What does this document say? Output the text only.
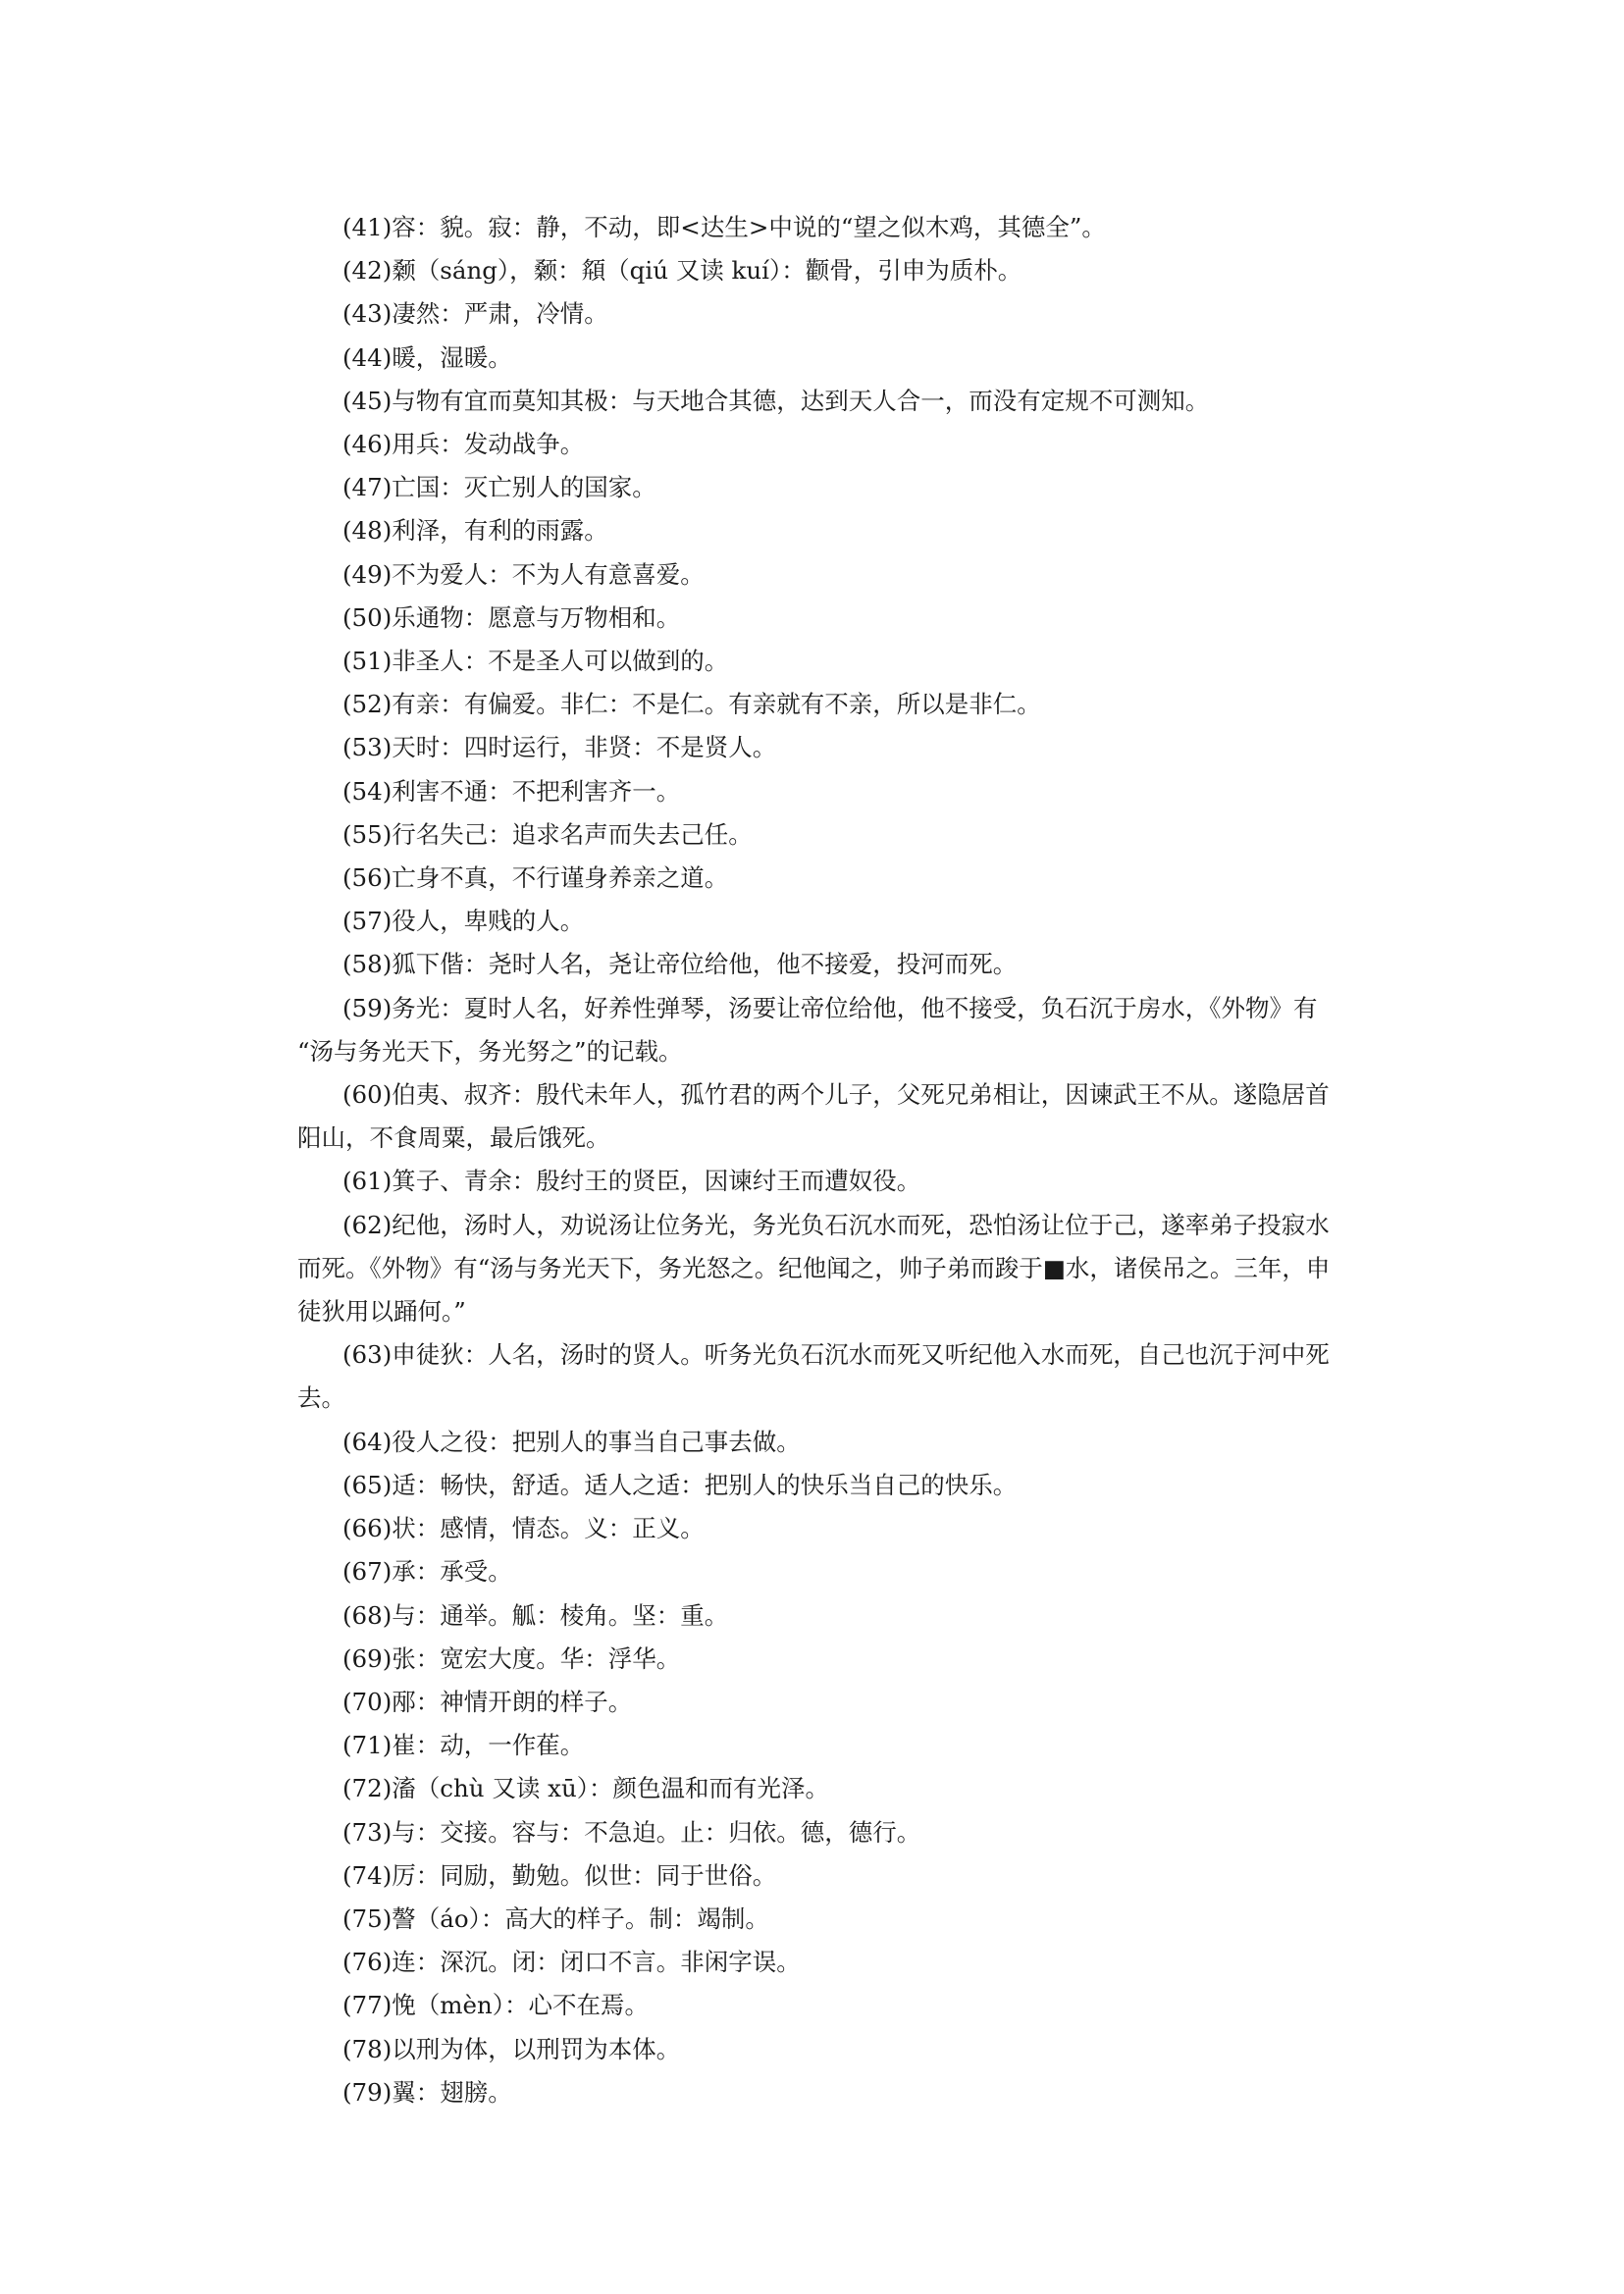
(41)容：貌。寂：静，不动，即<达生>中说的“望之似木鸡，其德全”。
(42)颡（sáng），颡：頯（qiú 又读 kuí）：颧骨，引申为质朴。
(43)凄然：严肃，冷情。
(44)暖，湿暖。
(45)与物有宜而莫知其极：与天地合其德，达到天人合一，而没有定规不可测知。
(46)用兵：发动战争。
(47)亡国：灭亡别人的国家。
(48)利泽，有利的雨露。
(49)不为爱人：不为人有意喜爱。
(50)乐通物：愿意与万物相和。
(51)非圣人：不是圣人可以做到的。
(52)有亲：有偏爱。非仁：不是仁。有亲就有不亲，所以是非仁。
(53)天时：四时运行，非贤：不是贤人。
(54)利害不通：不把利害齐一。
(55)行名失己：追求名声而失去己任。
(56)亡身不真，不行谨身养亲之道。
(57)役人，卑贱的人。
(58)狐下偕：尧时人名，尧让帝位给他，他不接爱，投河而死。
(59)务光：夏时人名，好养性弹琴，汤要让帝位给他，他不接受，负石沉于房水，《外物》有
“汤与务光天下，务光努之”的记载。
(60)伯夷、叔齐：殷代未年人，孤竹君的两个儿子，父死兄弟相让，因谏武王不从。遂隐居首
阳山，不食周粟，最后饿死。
(61)箕子、青余：殷纣王的贤臣，因谏纣王而遭奴役。
(62)纪他，汤时人，劝说汤让位务光，务光负石沉水而死，恐怕汤让位于己，遂率弟子投寂水
而死。《外物》有“汤与务光天下，务光怒之。纪他闻之，帅子弟而踆于■水，诸侯吊之。三年，申
徒狄用以踊何。”
(63)申徒狄：人名，汤时的贤人。听务光负石沉水而死又听纪他入水而死，自己也沉于河中死
去。
(64)役人之役：把别人的事当自己事去做。
(65)适：畅快，舒适。适人之适：把别人的快乐当自己的快乐。
(66)状：感情，情态。义：正义。
(67)承：承受。
(68)与：通举。觚：棱角。坚：重。
(69)张：宽宏大度。华：浮华。
(70)邴：神情开朗的样子。
(71)崔：动，一作萑。
(72)滀（chù 又读 xū）：颜色温和而有光泽。
(73)与：交接。容与：不急迫。止：归依。德，德行。
(74)厉：同励，勤勉。似世：同于世俗。
(75)謷（áo）：高大的样子。制：竭制。
(76)连：深沉。闭：闭口不言。非闲字误。
(77)悗（mèn）：心不在焉。
(78)以刑为体，以刑罚为本体。
(79)翼：翅膀。
